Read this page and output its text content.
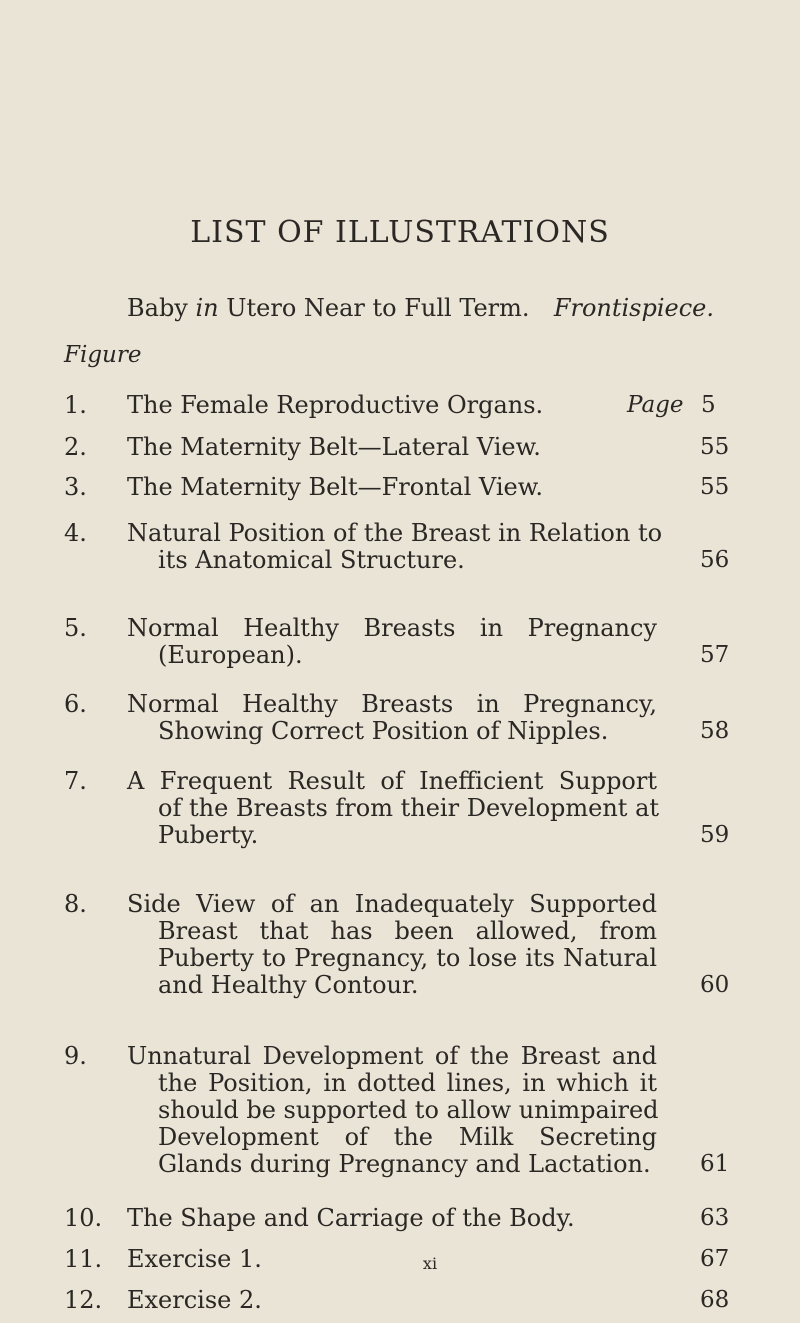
LIST OF ILLUSTRATIONS
Baby in Utero Near to Full Term. Frontispiece.
Figure
Page
1.	The Female Reproductive Organs.	5
2.	The Maternity Belt—Lateral View.	55
3.	The Maternity Belt—Frontal View.	55
4.	Natural Position of the Breast in Relation to
its Anatomical Structure.	56
5.	Normal Healthy Breasts in Pregnancy
(European).	57
6.	Normal Healthy Breasts in Pregnancy,
Showing Correct Position of Nipples.	58
7.	A Frequent Result of Inefficient Support
of the Breasts from their Development at
Puberty.	59
8.	Side View of an Inadequately Supported
Breast that has been allowed, from
Puberty to Pregnancy, to lose its Natural
and Healthy Contour.	60
9.	Unnatural Development of the Breast and
the Position, in dotted lines, in which it
should be supported to allow unimpaired
Development of the Milk Secreting
Glands during Pregnancy and Lactation. 61
10.	The Shape and Carriage of the Body.	63
11.	Exercise 1.	67
12.	Exercise 2.	68
xi
